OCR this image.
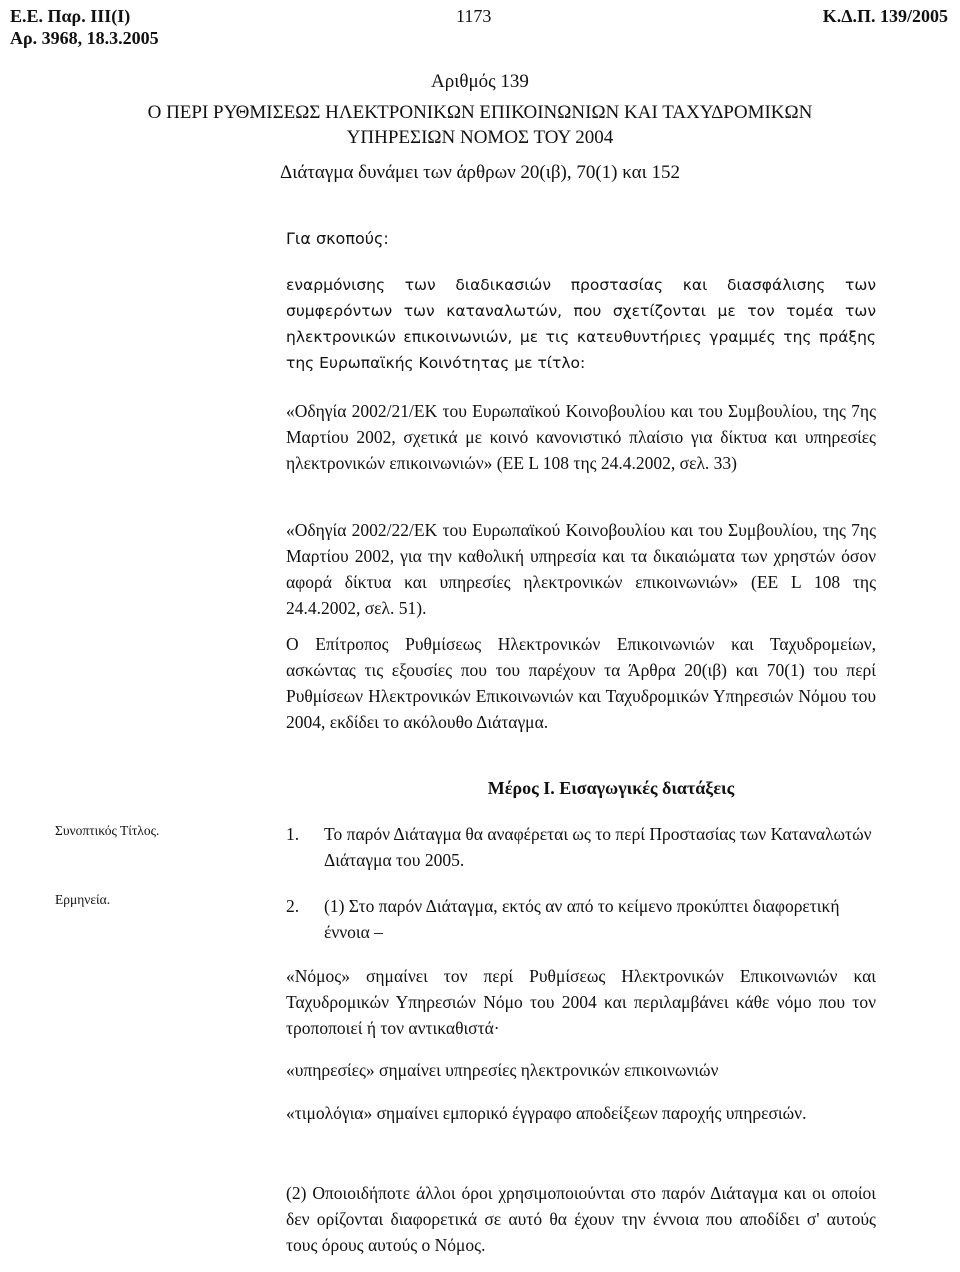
Ε.Ε. Παρ. ΙΙΙ(Ι)
Αρ. 3968, 18.3.2005
1173	Κ.Δ.Π. 139/2005
Αριθμός 139
Ο ΠΕΡΙ ΡΥΘΜΙΣΕΩΣ ΗΛΕΚΤΡΟΝΙΚΩΝ ΕΠΙΚΟΙΝΩΝΙΩΝ ΚΑΙ ΤΑΧΥΔΡΟΜΙΚΩΝ
ΥΠΗΡΕΣΙΩΝ ΝΟΜΟΣ ΤΟΥ 2004
Διάταγμα δυνάμει των άρθρων 20(ιβ), 70(1) και 152
Για σκοπούς:

εναρμόνισης των διαδικασιών προστασίας και διασφάλισης των συμφερόντων των καταναλωτών, που σχετίζονται με τον τομέα των ηλεκτρονικών επικοινωνιών, με τις κατευθυντήριες γραμμές της πράξης της Ευρωπαϊκής Κοινότητας με τίτλο:

«Οδηγία 2002/21/ΕΚ του Ευρωπαϊκού Κοινοβουλίου και του Συμβουλίου, της 7ης Μαρτίου 2002, σχετικά με κοινό κανονιστικό πλαίσιο για δίκτυα και υπηρεσίες ηλεκτρονικών επικοινωνιών» (ΕΕ L 108 της 24.4.2002, σελ. 33)

«Οδηγία 2002/22/ΕΚ του Ευρωπαϊκού Κοινοβουλίου και του Συμβουλίου, της 7ης Μαρτίου 2002, για την καθολική υπηρεσία και τα δικαιώματα των χρηστών όσον αφορά δίκτυα και υπηρεσίες ηλεκτρονικών επικοινωνιών» (ΕΕ L 108 της 24.4.2002, σελ. 51).

Ο Επίτροπος Ρυθμίσεως Ηλεκτρονικών Επικοινωνιών και Ταχυδρομείων, ασκώντας τις εξουσίες που του παρέχουν τα Άρθρα 20(ιβ) και 70(1) του περί Ρυθμίσεων Ηλεκτρονικών Επικοινωνιών και Ταχυδρομικών Υπηρεσιών Νόμου του 2004, εκδίδει το ακόλουθο Διάταγμα.

Μέρος Ι. Εισαγωγικές διατάξεις
Συνοπτικός Τίτλος.	1. Το παρόν Διάταγμα θα αναφέρεται ως το περί Προστασίας των Καταναλωτών Διάταγμα του 2005.
Ερμηνεία.	2. (1) Στο παρόν Διάταγμα, εκτός αν από το κείμενο προκύπτει διαφορετική έννοια –

«Νόμος» σημαίνει τον περί Ρυθμίσεως Ηλεκτρονικών Επικοινωνιών και Ταχυδρομικών Υπηρεσιών Νόμο του 2004 και περιλαμβάνει κάθε νόμο που τον τροποποιεί ή τον αντικαθιστά·

«υπηρεσίες» σημαίνει υπηρεσίες ηλεκτρονικών επικοινωνιών

«τιμολόγια» σημαίνει εμπορικό έγγραφο αποδείξεων παροχής υπηρεσιών.

(2) Οποιοιδήποτε άλλοι όροι χρησιμοποιούνται στο παρόν Διάταγμα και οι οποίοι δεν ορίζονται διαφορετικά σε αυτό θα έχουν την έννοια που αποδίδει σ' αυτούς τους όρους αυτούς ο Νόμος.
